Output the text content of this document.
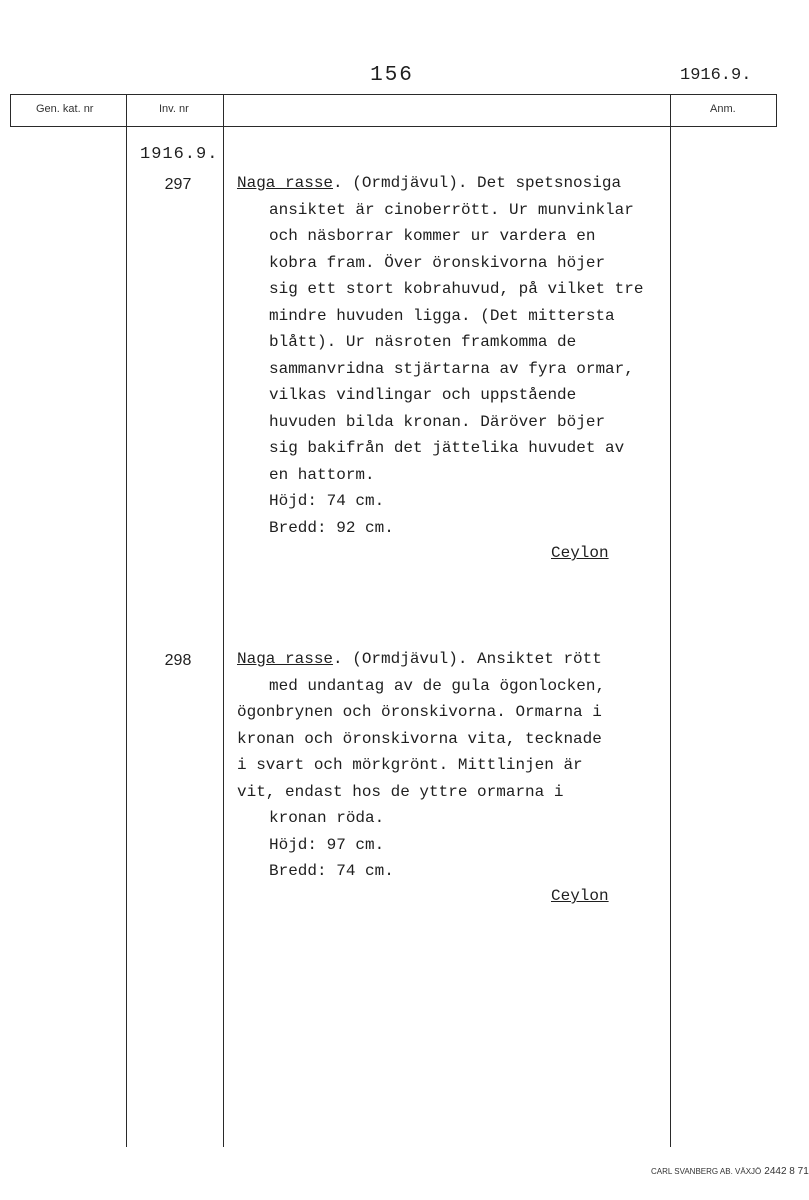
156	1916.9.
Gen. kat. nr	Inv. nr	Anm.
1916.9.
297	Naga rasse. (Ormdjävul). Det spetsnosiga
ansiktet är cinoberrött. Ur munvinklar
och näsborrar kommer ur vardera en
kobra fram. Över öronskivorna höjer
sig ett stort kobrahuvud, på vilket tre
mindre huvuden ligga. (Det mittersta
blått). Ur näsroten framkomma de
sammanvridna stjärtarna av fyra ormar,
vilkas vindlingar och uppstående
huvuden bilda kronan. Däröver böjer
sig bakifrån det jättelika huvudet av
en hattorm.
Höjd: 74 cm.
Bredd: 92 cm.
Ceylon
298	Naga rasse. (Ormdjävul). Ansiktet rött
med undantag av de gula ögonlocken,
ögonbrynen och öronskivorna. Ormarna i
kronan och öronskivorna vita, tecknade
i svart och mörkgrönt. Mittlinjen är
vit, endast hos de yttre ormarna i
kronan röda.
Höjd: 97 cm.
Bredd: 74 cm.
Ceylon
CARL SVANBERG AB. VÄXJÖ 2442 8 71
